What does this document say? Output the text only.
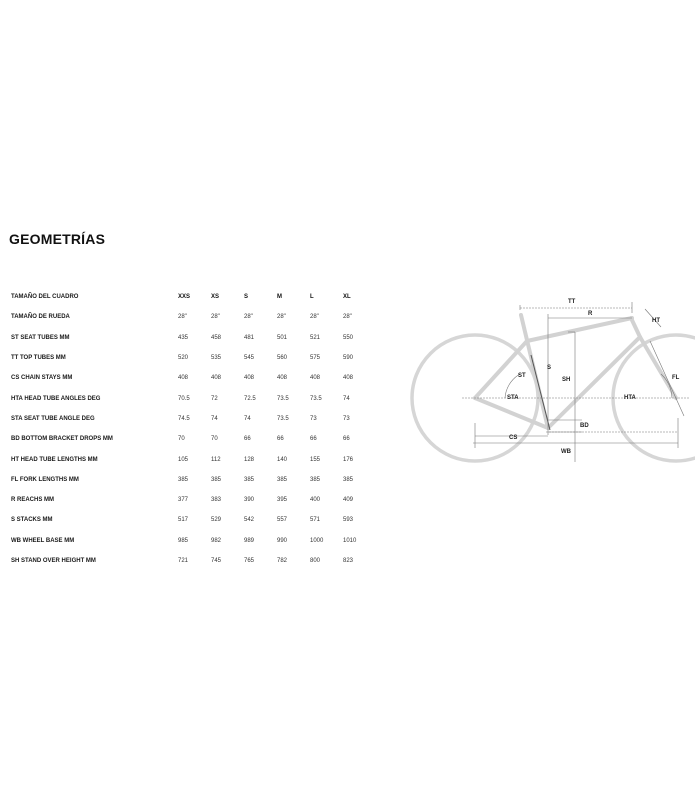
GEOMETRÍAS
TAMAÑO DEL CUADRO	XXS	XS	S	M	L	XL
TAMAÑO DE RUEDA	28"	28"	28"	28"	28"	28"
ST SEAT TUBES MM	435	458	481	501	521	550
TT TOP TUBES MM	520	535	545	560	575	590
CS CHAIN STAYS MM	408	408	408	408	408	408
HTA HEAD TUBE ANGLES DEG	70.5	72	72.5	73.5	73.5	74
STA SEAT TUBE ANGLE DEG	74.5	74	74	73.5	73	73
BD BOTTOM BRACKET DROPS MM	70	70	66	66	66	66
HT HEAD TUBE LENGTHS MM	105	112	128	140	155	176
FL FORK LENGTHS MM	385	385	385	385	385	385
R REACHS MM	377	383	390	395	400	409
S STACKS MM	517	529	542	557	571	593
WB WHEEL BASE MM	985	982	989	990	1000	1010
SH STAND OVER HEIGHT MM	721	745	765	782	800	823
TT
R
HT
ST
S
SH	FL
STA	HTA
BD
CS
WB
